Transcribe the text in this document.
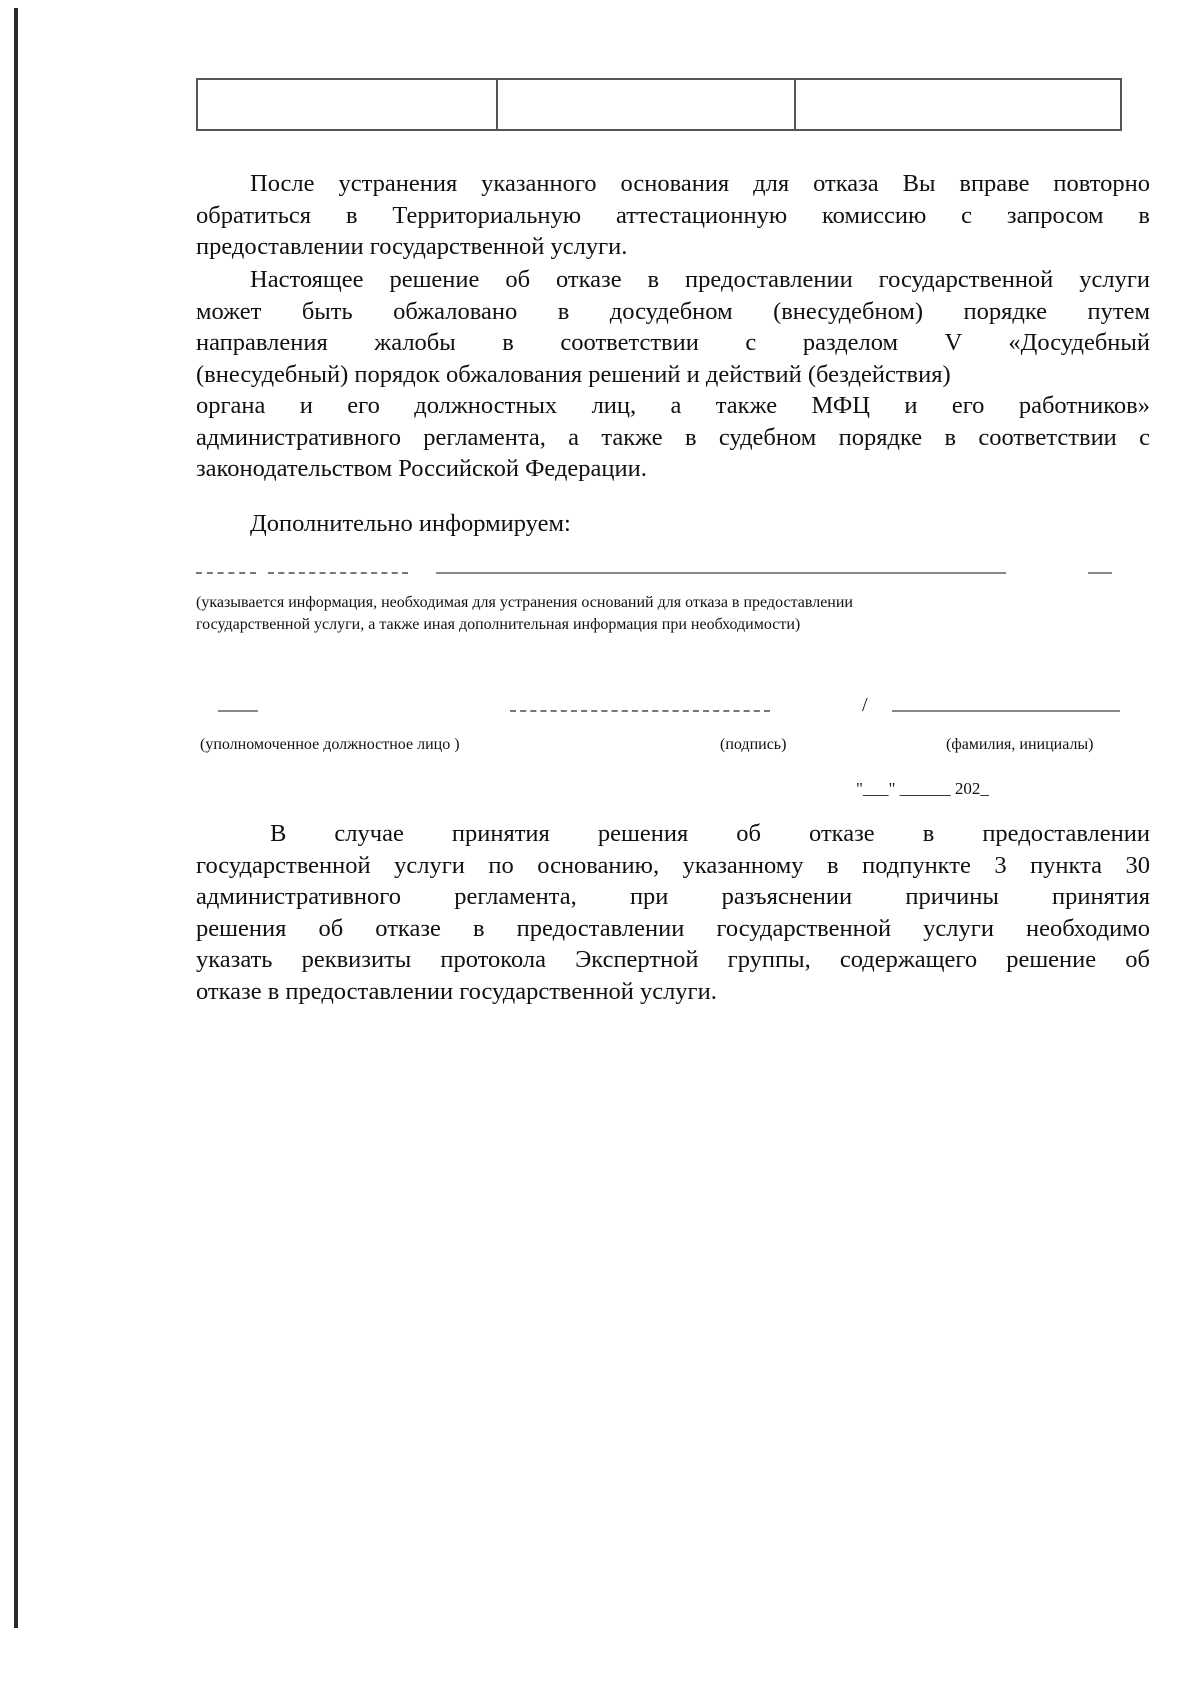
После устранения указанного основания для отказа Вы вправе повторно
обратиться в Территориальную аттестационную комиссию с запросом в
предоставлении государственной услуги.
Настоящее решение об отказе в предоставлении государственной услуги
может быть обжаловано в досудебном (внесудебном) порядке путем
направления жалобы в соответствии с разделом V «Досудебный
(внесудебный) порядок обжалования решений и действий (бездействия)
органа и его должностных лиц, а также МФЦ и его работников»
административного регламента, а также в судебном порядке в соответствии с
законодательством Российской Федерации.
Дополнительно информируем:
(указывается информация, необходимая для устранения оснований для отказа в предоставлении
государственной услуги, а также иная дополнительная информация при необходимости)
/
(уполномоченное должностное лицо )	(подпись)	(фамилия, инициалы)
"___" ______ 202_
В случае принятия решения об отказе в предоставлении
государственной услуги по основанию, указанному в подпункте 3 пункта 30
административного регламента, при разъяснении причины принятия
решения об отказе в предоставлении государственной услуги необходимо
указать реквизиты протокола Экспертной группы, содержащего решение об
отказе в предоставлении государственной услуги.
